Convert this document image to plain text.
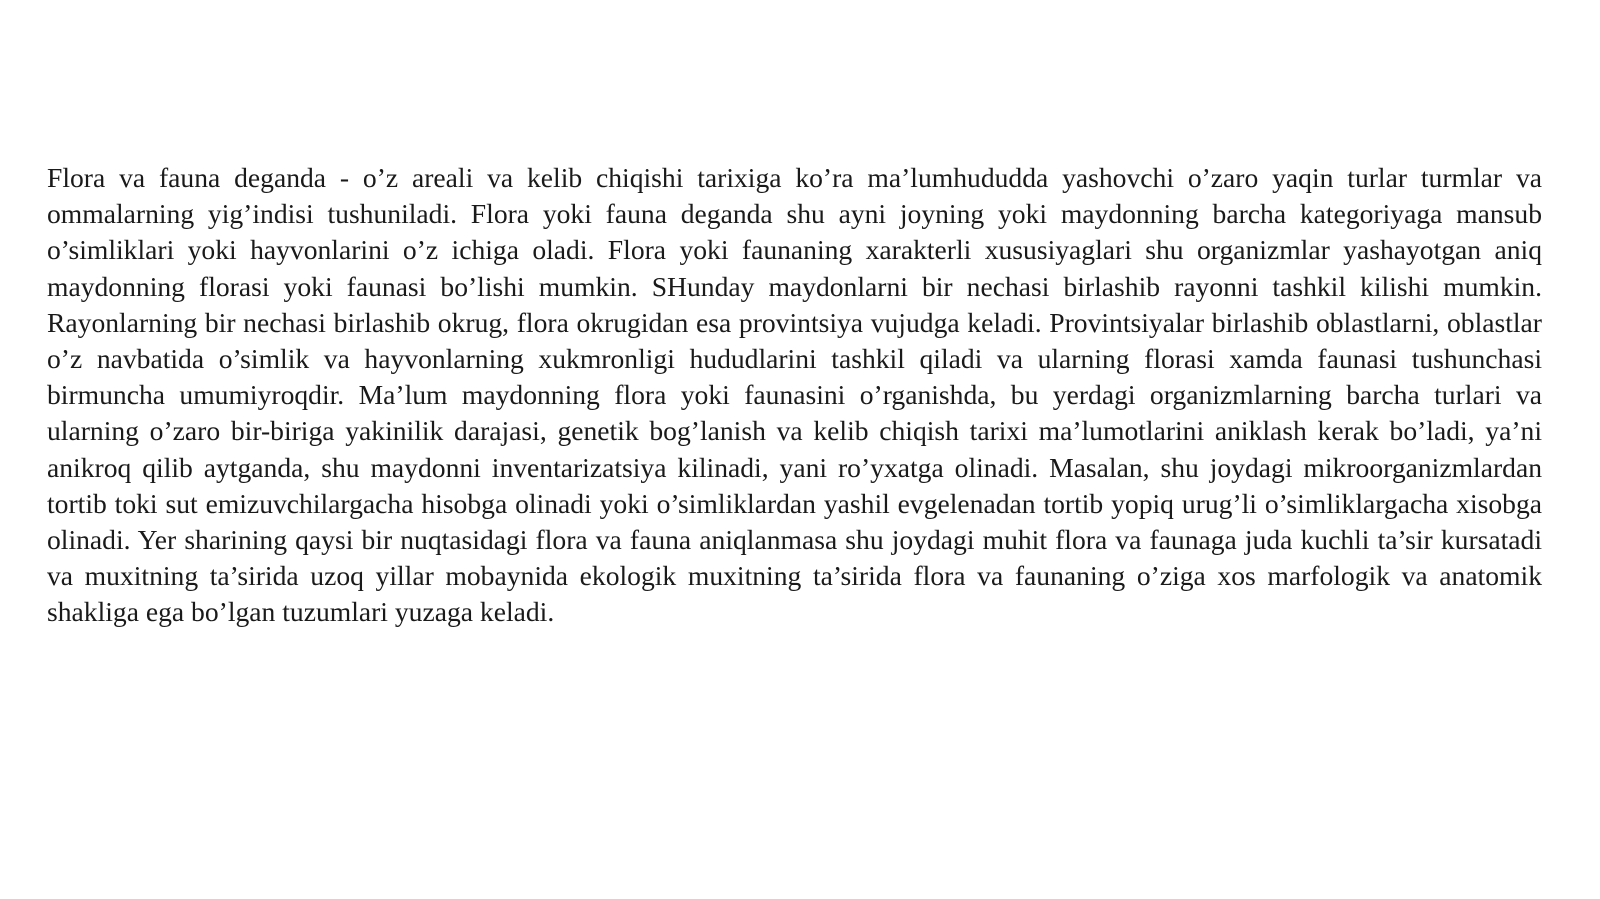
Flora va fauna deganda - o’z areali va kelib chiqishi tarixiga ko’ra ma’lumhududda yashovchi o’zaro yaqin turlar turmlar va ommalarning yig’indisi tushuniladi. Flora yoki fauna deganda shu ayni joyning yoki maydonning barcha kategoriyaga mansub o’simliklari yoki hayvonlarini o’z ichiga oladi. Flora yoki faunaning xarakterli xususiyaglari shu organizmlar yashayotgan aniq maydonning florasi yoki faunasi bo’lishi mumkin. SHunday maydonlarni bir nechasi birlashib rayonni tashkil kilishi mumkin. Rayonlarning bir nechasi birlashib okrug, flora okrugidan esa provintsiya vujudga keladi. Provintsiyalar birlashib oblastlarni, oblastlar o’z navbatida o’simlik va hayvonlarning xukmronligi hududlarini tashkil qiladi va ularning florasi xamda faunasi tushunchasi birmuncha umumiyroqdir. Ma’lum maydonning flora yoki faunasini o’rganishda, bu yerdagi organizmlarning barcha turlari va ularning o’zaro bir-biriga yakinilik darajasi, genetik bog’lanish va kelib chiqish tarixi ma’lumotlarini aniklash kerak bo’ladi, ya’ni anikroq qilib aytganda, shu maydonni inventarizatsiya kilinadi, yani ro’yxatga olinadi. Masalan, shu joydagi mikroorganizmlardan tortib toki sut emizuvchilargacha hisobga olinadi yoki o’simliklardan yashil evgelenadan tortib yopiq urug’li o’simliklargacha xisobga olinadi. Yer sharining qaysi bir nuqtasidagi flora va fauna aniqlanmasa shu joydagi muhit flora va faunaga juda kuchli ta’sir kursatadi va muxitning ta’sirida uzoq yillar mobaynida ekologik muxitning ta’sirida flora va faunaning o’ziga xos marfologik va anatomik shakliga ega bo’lgan tuzumlari yuzaga keladi.
